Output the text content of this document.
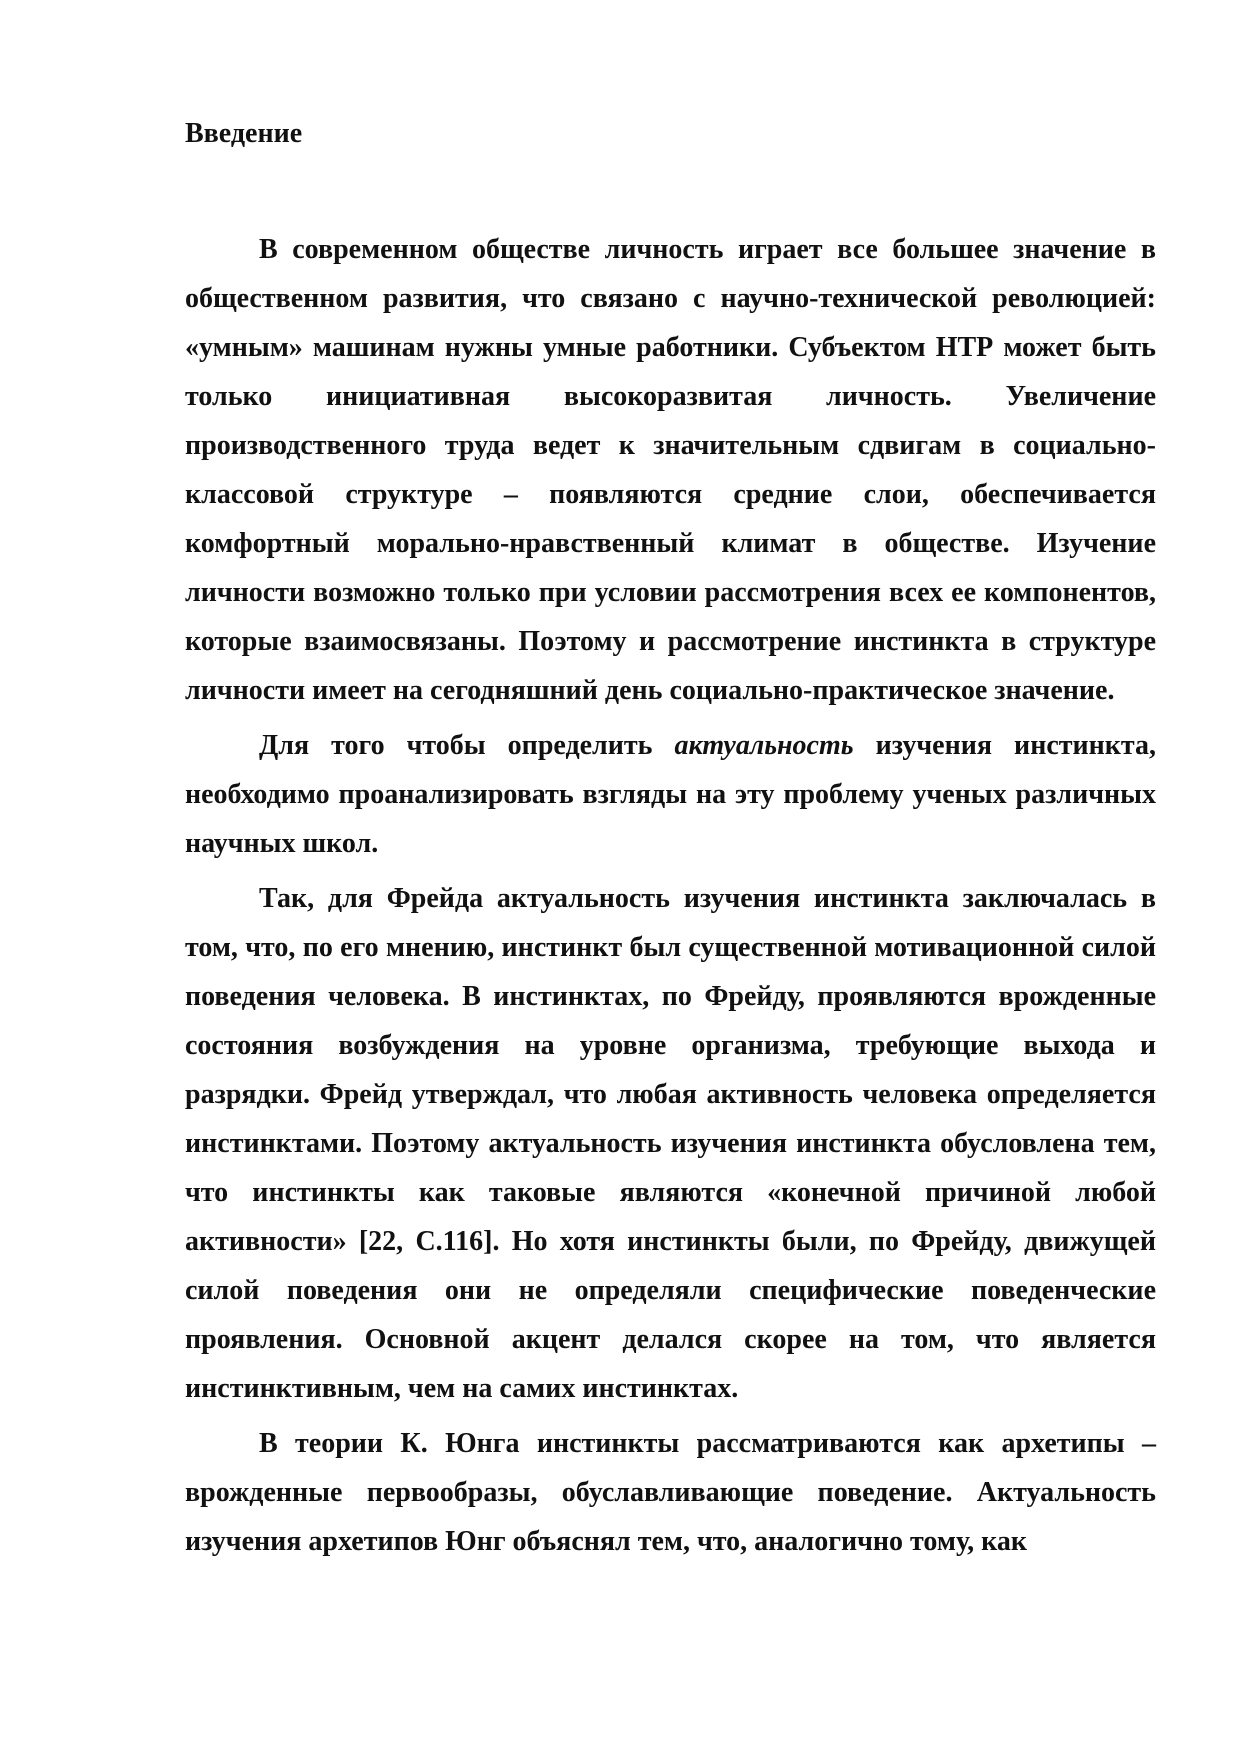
Введение

В современном обществе личность играет все большее значение в общественном развития, что связано с научно-технической революцией: «умным» машинам нужны умные работники. Субъектом НТР может быть только инициативная высокоразвитая личность. Увеличение производственного труда ведет к значительным сдвигам в социально-классовой структуре – появляются средние слои, обеспечивается комфортный морально-нравственный климат в обществе. Изучение личности возможно только при условии рассмотрения всех ее компонентов, которые взаимосвязаны. Поэтому и рассмотрение инстинкта в структуре личности имеет на сегодняшний день социально-практическое значение.

Для того чтобы определить актуальность изучения инстинкта, необходимо проанализировать взгляды на эту проблему ученых различных научных школ.

Так, для Фрейда актуальность изучения инстинкта заключалась в том, что, по его мнению, инстинкт был существенной мотивационной силой поведения человека. В инстинктах, по Фрейду, проявляются врожденные состояния возбуждения на уровне организма, требующие выхода и разрядки. Фрейд утверждал, что любая активность человека определяется инстинктами. Поэтому актуальность изучения инстинкта обусловлена тем, что инстинкты как таковые являются «конечной причиной любой активности» [22, С.116]. Но хотя инстинкты были, по Фрейду, движущей силой поведения они не определяли специфические поведенческие проявления. Основной акцент делался скорее на том, что является инстинктивным, чем на самих инстинктах.

В теории К. Юнга инстинкты рассматриваются как архетипы – врожденные первообразы, обуславливающие поведение. Актуальность изучения архетипов Юнг объяснял тем, что, аналогично тому, как
